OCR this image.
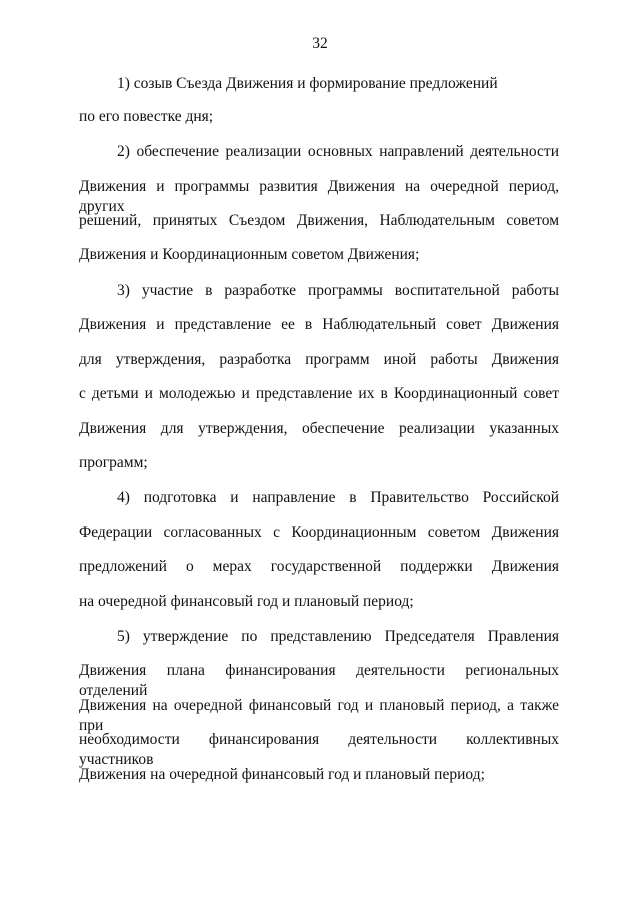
32
1) созыв Съезда Движения и формирование предложений
по его повестке дня;
2) обеспечение реализации основных направлений деятельности
Движения и программы развития Движения на очередной период, других
решений, принятых Съездом Движения, Наблюдательным советом
Движения и Координационным советом Движения;
3) участие в разработке программы воспитательной работы
Движения и представление ее в Наблюдательный совет Движения
для утверждения, разработка программ иной работы Движения
с детьми и молодежью и представление их в Координационный совет
Движения для утверждения, обеспечение реализации указанных
программ;
4) подготовка и направление в Правительство Российской
Федерации согласованных с Координационным советом Движения
предложений о мерах государственной поддержки Движения
на очередной финансовый год и плановый период;
5) утверждение по представлению Председателя Правления
Движения плана финансирования деятельности региональных отделений
Движения на очередной финансовый год и плановый период, а также при
необходимости финансирования деятельности коллективных участников
Движения на очередной финансовый год и плановый период;
